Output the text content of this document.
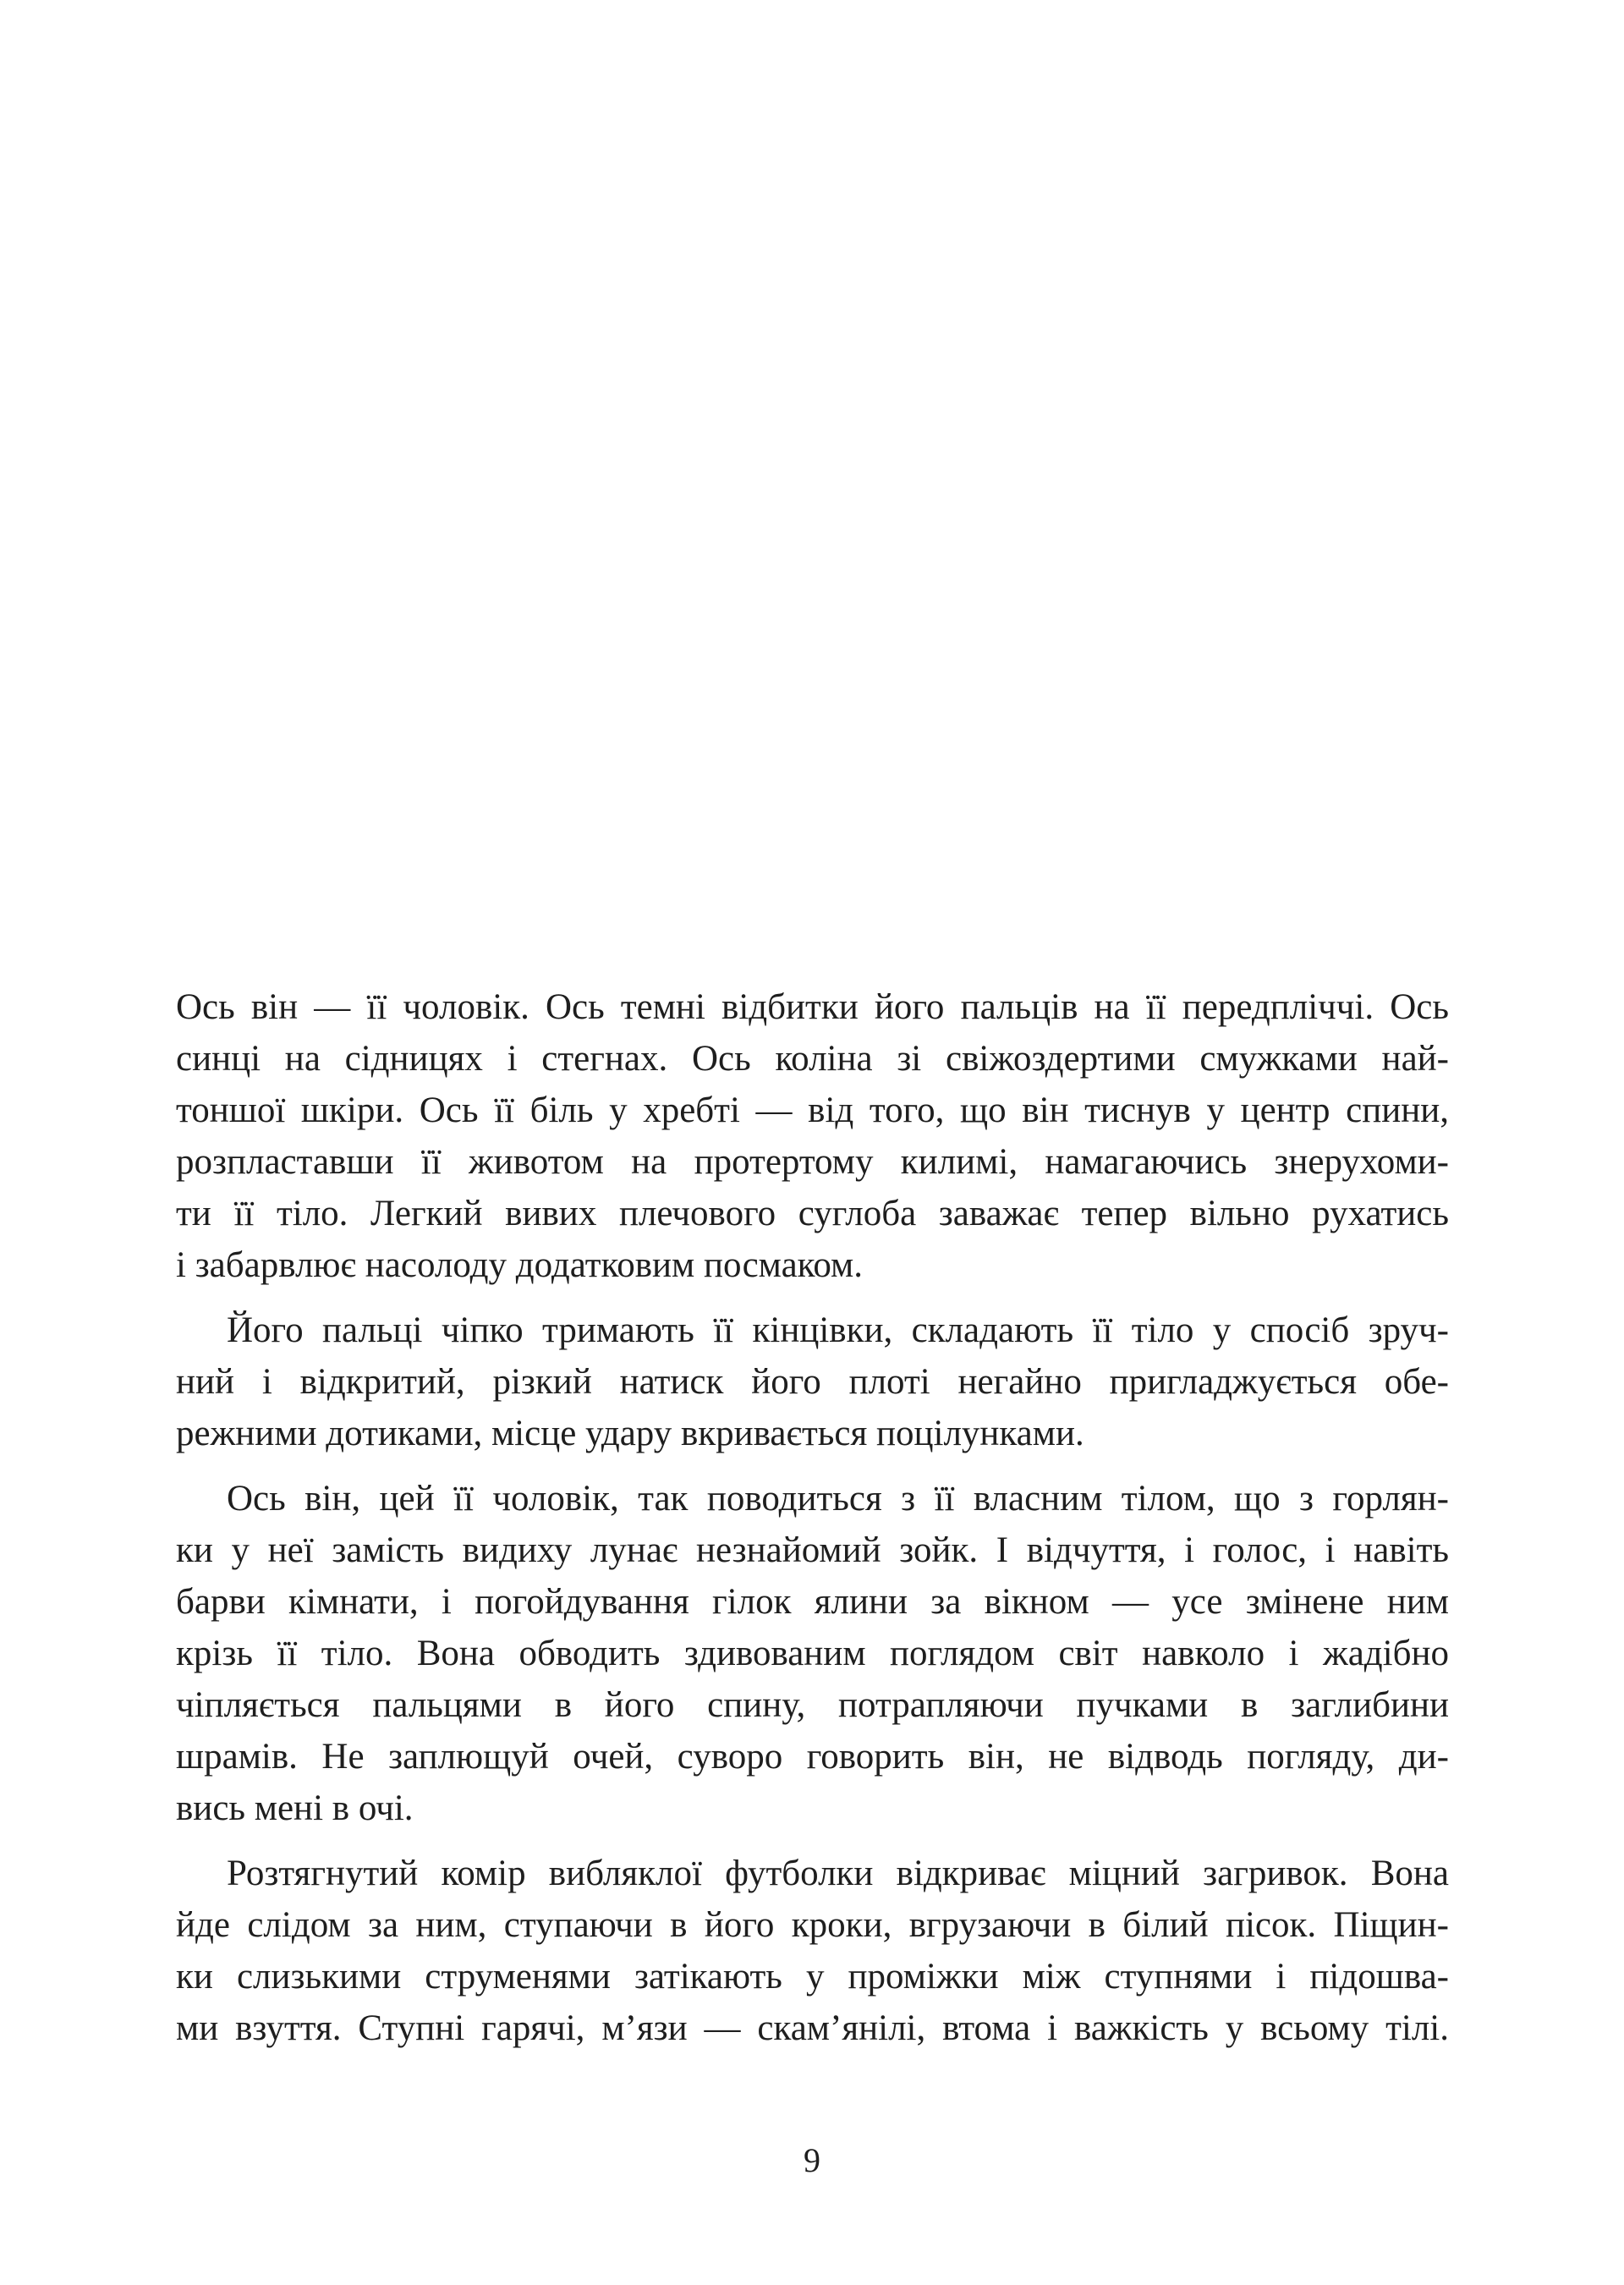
Ось він — її чоловік. Ось темні відбитки його пальців на її передпліччі. Ось
синці на сідницях і стегнах. Ось коліна зі свіжоздертими смужками най-
тоншої шкіри. Ось її біль у хребті — від того, що він тиснув у центр спини,
розпластавши її животом на протертому килимі, намагаючись знерухоми-
ти її тіло. Легкий вивих плечового суглоба заважає тепер вільно рухатись
і забарвлює насолоду додатковим посмаком.

Його пальці чіпко тримають її кінцівки, складають її тіло у спосіб зруч-
ний і відкритий, різкий натиск його плоті негайно пригладжується обе-
режними дотиками, місце удару вкривається поцілунками.

Ось він, цей її чоловік, так поводиться з її власним тілом, що з горлян-
ки у неї замість видиху лунає незнайомий зойк. І відчуття, і голос, і навіть
барви кімнати, і погойдування гілок ялини за вікном — усе змінене ним
крізь її тіло. Вона обводить здивованим поглядом світ навколо і жадібно
чіпляється пальцями в його спину, потрапляючи пучками в заглибини
шрамів. Не заплющуй очей, суворо говорить він, не відводь погляду, ди-
вись мені в очі.

Розтягнутий комір вибляклої футболки відкриває міцний загривок. Вона
йде слідом за ним, ступаючи в його кроки, вгрузаючи в білий пісок. Піщин-
ки слизькими струменями затікають у проміжки між ступнями і підошва-
ми взуття. Ступні гарячі, м’язи — скам’янілі, втома і важкість у всьому тілі.

9
